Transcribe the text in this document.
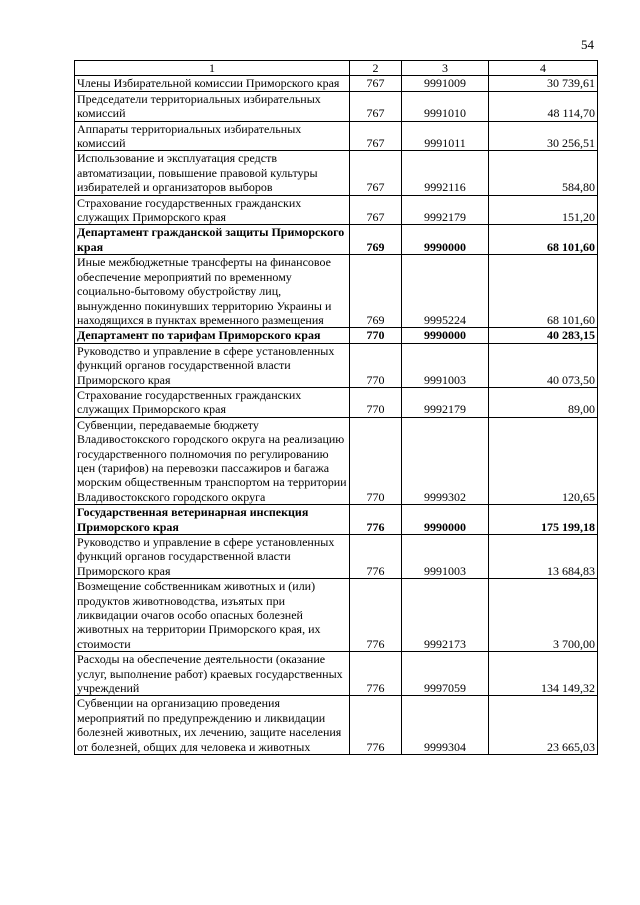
54
1	2	3	4
Члены Избирательной комиссии Приморского края	767	9991009	30 739,61
Председатели территориальных избирательных комиссий	767	9991010	48 114,70
Аппараты территориальных избирательных комиссий	767	9991011	30 256,51
Использование и эксплуатация средств автоматизации, повышение правовой культуры избирателей и организаторов выборов	767	9992116	584,80
Страхование государственных гражданских служащих Приморского края	767	9992179	151,20
Департамент гражданской защиты Приморского края	769	9990000	68 101,60
Иные межбюджетные трансферты на финансовое обеспечение мероприятий по временному социально-бытовому обустройству лиц, вынужденно покинувших территорию Украины и находящихся в пунктах временного размещения	769	9995224	68 101,60
Департамент по тарифам Приморского края	770	9990000	40 283,15
Руководство и управление в сфере установленных функций органов государственной власти Приморского края	770	9991003	40 073,50
Страхование государственных гражданских служащих Приморского края	770	9992179	89,00
Субвенции, передаваемые бюджету Владивостокского городского округа на реализацию государственного полномочия по регулированию цен (тарифов) на перевозки пассажиров и багажа морским общественным транспортом на территории Владивостокского городского округа	770	9999302	120,65
Государственная ветеринарная инспекция Приморского края	776	9990000	175 199,18
Руководство и управление в сфере установленных функций органов государственной власти Приморского края	776	9991003	13 684,83
Возмещение собственникам животных и (или) продуктов животноводства, изъятых при ликвидации очагов особо опасных болезней животных на территории Приморского края, их стоимости	776	9992173	3 700,00
Расходы на обеспечение деятельности (оказание услуг, выполнение работ) краевых государственных учреждений	776	9997059	134 149,32
Субвенции на организацию проведения мероприятий по предупреждению и ликвидации болезней животных, их лечению, защите населения от болезней, общих для человека и животных	776	9999304	23 665,03
